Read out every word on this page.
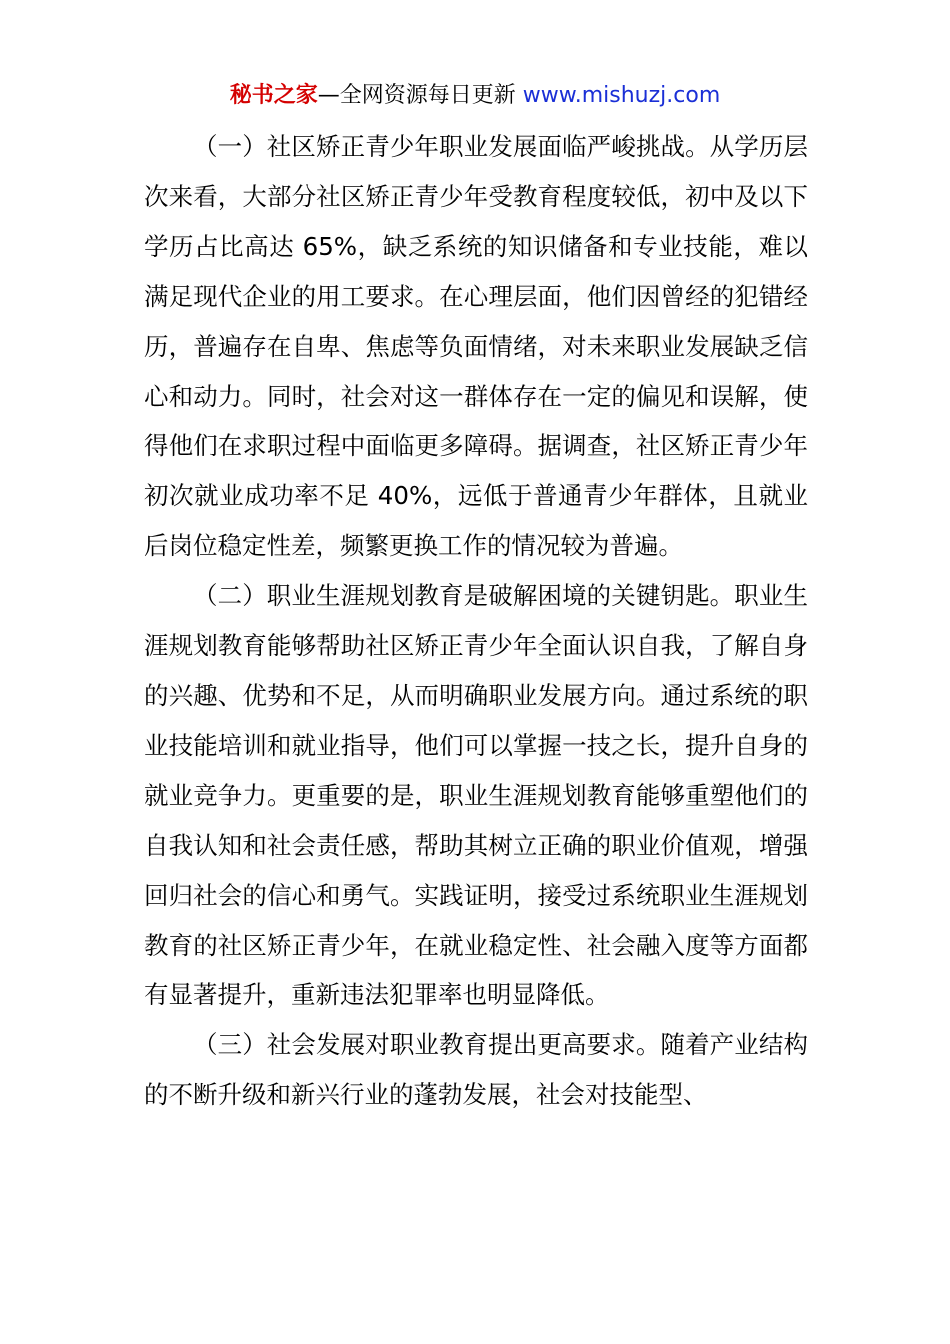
秘书之家—全网资源每日更新 www.mishuzj.com

（一）社区矫正青少年职业发展面临严峻挑战。从学历层次来看，大部分社区矫正青少年受教育程度较低，初中及以下学历占比高达 65%，缺乏系统的知识储备和专业技能，难以满足现代企业的用工要求。在心理层面，他们因曾经的犯错经历，普遍存在自卑、焦虑等负面情绪，对未来职业发展缺乏信心和动力。同时，社会对这一群体存在一定的偏见和误解，使得他们在求职过程中面临更多障碍。据调查，社区矫正青少年初次就业成功率不足 40%，远低于普通青少年群体，且就业后岗位稳定性差，频繁更换工作的情况较为普遍。

（二）职业生涯规划教育是破解困境的关键钥匙。职业生涯规划教育能够帮助社区矫正青少年全面认识自我，了解自身的兴趣、优势和不足，从而明确职业发展方向。通过系统的职业技能培训和就业指导，他们可以掌握一技之长，提升自身的就业竞争力。更重要的是，职业生涯规划教育能够重塑他们的自我认知和社会责任感，帮助其树立正确的职业价值观，增强回归社会的信心和勇气。实践证明，接受过系统职业生涯规划教育的社区矫正青少年，在就业稳定性、社会融入度等方面都有显著提升，重新违法犯罪率也明显降低。

（三）社会发展对职业教育提出更高要求。随着产业结构的不断升级和新兴行业的蓬勃发展，社会对技能型、
